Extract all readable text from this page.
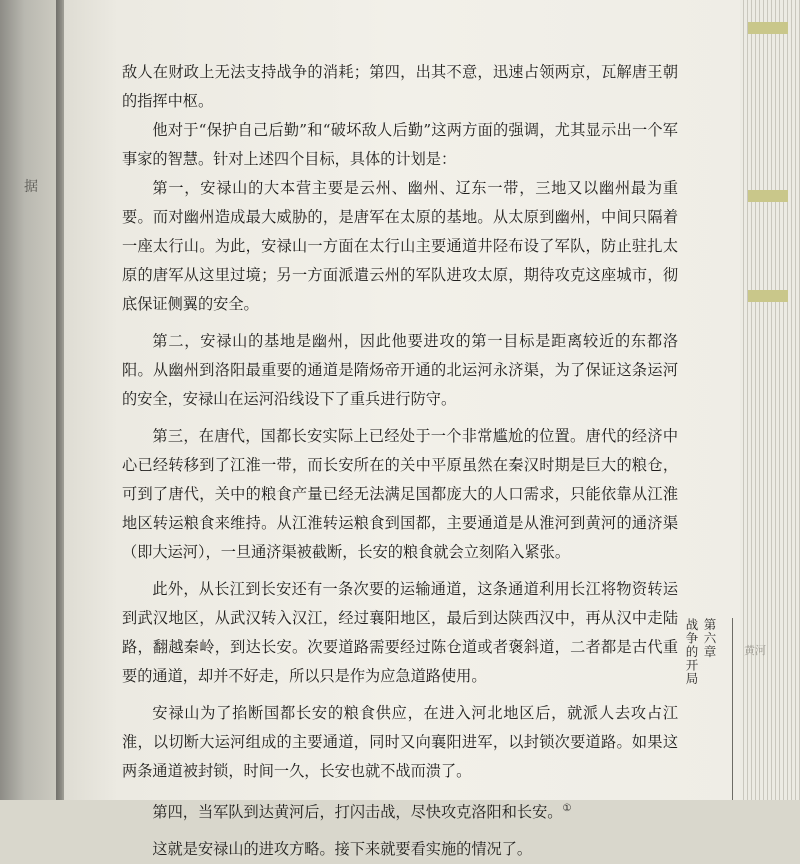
据

敌人在财政上无法支持战争的消耗；第四，出其不意，迅速占领两京，瓦解唐王朝的指挥中枢。

他对于“保护自己后勤”和“破坏敌人后勤”这两方面的强调，尤其显示出一个军事家的智慧。针对上述四个目标，具体的计划是：

第一，安禄山的大本营主要是云州、幽州、辽东一带，三地又以幽州最为重要。而对幽州造成最大威胁的，是唐军在太原的基地。从太原到幽州，中间只隔着一座太行山。为此，安禄山一方面在太行山主要通道井陉布设了军队，防止驻扎太原的唐军从这里过境；另一方面派遣云州的军队进攻太原，期待攻克这座城市，彻底保证侧翼的安全。

第二，安禄山的基地是幽州，因此他要进攻的第一目标是距离较近的东都洛阳。从幽州到洛阳最重要的通道是隋炀帝开通的北运河永济渠，为了保证这条运河的安全，安禄山在运河沿线设下了重兵进行防守。

第三，在唐代，国都长安实际上已经处于一个非常尴尬的位置。唐代的经济中心已经转移到了江淮一带，而长安所在的关中平原虽然在秦汉时期是巨大的粮仓，可到了唐代，关中的粮食产量已经无法满足国都庞大的人口需求，只能依靠从江淮地区转运粮食来维持。从江淮转运粮食到国都，主要通道是从淮河到黄河的通济渠（即大运河），一旦通济渠被截断，长安的粮食就会立刻陷入紧张。

此外，从长江到长安还有一条次要的运输通道，这条通道利用长江将物资转运到武汉地区，从武汉转入汉江，经过襄阳地区，最后到达陕西汉中，再从汉中走陆路，翻越秦岭，到达长安。次要道路需要经过陈仓道或者褒斜道，二者都是古代重要的通道，却并不好走，所以只是作为应急道路使用。

安禄山为了掐断国都长安的粮食供应，在进入河北地区后，就派人去攻占江淮，以切断大运河组成的主要通道，同时又向襄阳进军，以封锁次要道路。如果这两条通道被封锁，时间一久，长安也就不战而溃了。

第四，当军队到达黄河后，打闪击战，尽快攻克洛阳和长安。①

这就是安禄山的进攻方略。接下来就要看实施的情况了。

第六章
战争的开局	黄河
